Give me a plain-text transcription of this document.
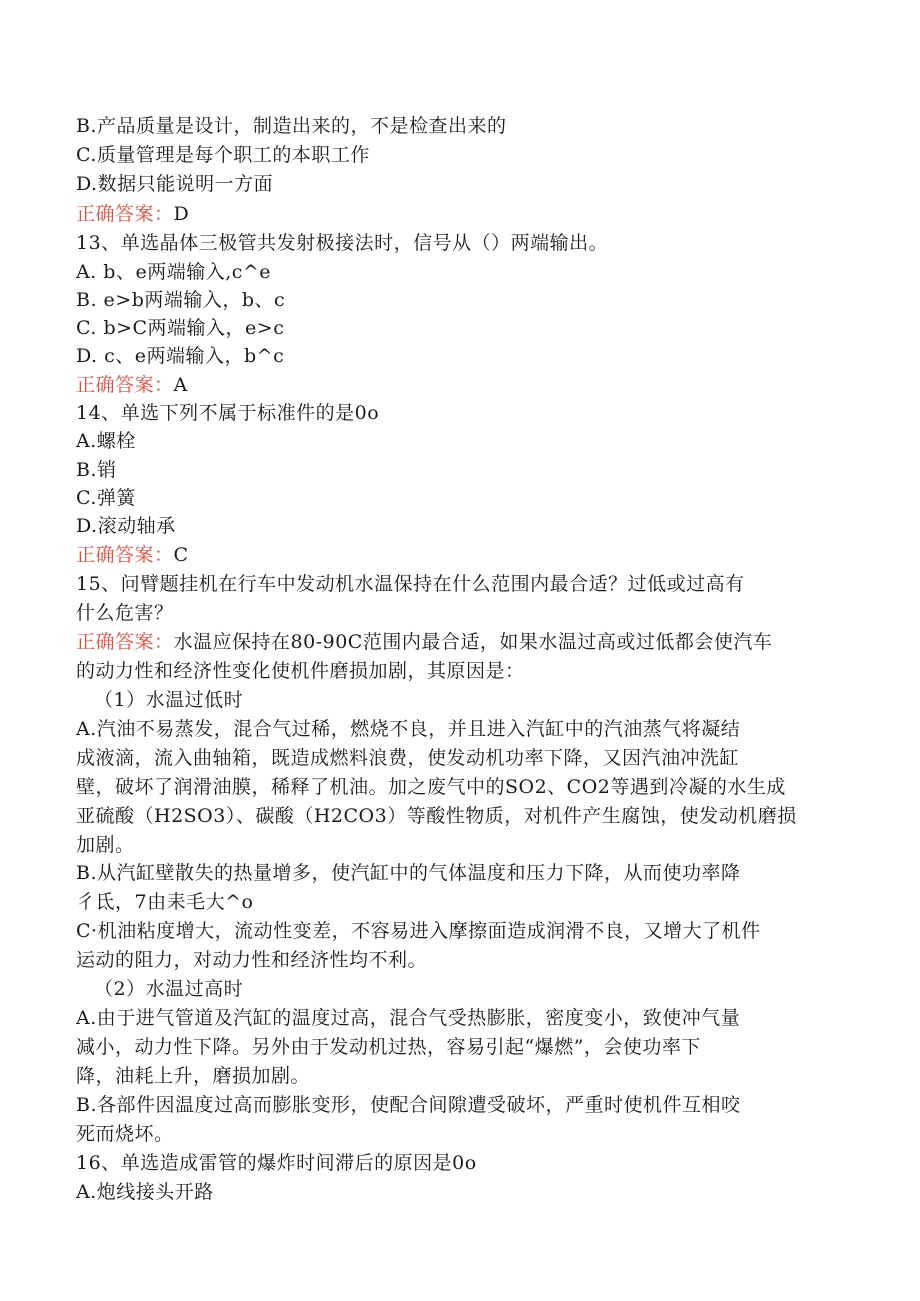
B.产品质量是设计，制造出来的，不是检查出来的
C.质量管理是每个职工的本职工作
D.数据只能说明一方面
正确答案：D
13、单选晶体三极管共发射极接法时，信号从（）两端输出。
A. b、e两端输入,c^e
B. e>b两端输入，b、c
C. b>C两端输入，e>c
D. c、e两端输入，b^c
正确答案：A
14、单选下列不属于标准件的是0o
A.螺栓
B.销
C.弹簧
D.滚动轴承
正确答案：C
15、问臂题挂机在行车中发动机水温保持在什么范围内最合适？过低或过高有
什么危害？
正确答案：水温应保持在80-90C范围内最合适，如果水温过高或过低都会使汽车
的动力性和经济性变化使机件磨损加剧，其原因是：
（1）水温过低时
A.汽油不易蒸发，混合气过稀，燃烧不良，并且进入汽缸中的汽油蒸气将凝结
成液滴，流入曲轴箱，既造成燃料浪费，使发动机功率下降，又因汽油冲洗缸
壁，破坏了润滑油膜，稀释了机油。加之废气中的SO2、CO2等遇到冷凝的水生成
亚硫酸（H2SO3）、碳酸（H2CO3）等酸性物质，对机件产生腐蚀，使发动机磨损
加剧。
B.从汽缸壁散失的热量增多，使汽缸中的气体温度和压力下降，从而使功率降
彳氐，7由耒毛大^o
C·机油粘度增大，流动性变差，不容易进入摩擦面造成润滑不良，又增大了机件
运动的阻力，对动力性和经济性均不利。
（2）水温过高时
A.由于进气管道及汽缸的温度过高，混合气受热膨胀，密度变小，致使冲气量
减小，动力性下降。另外由于发动机过热，容易引起“爆燃”，会使功率下
降，油耗上升，磨损加剧。
B.各部件因温度过高而膨胀变形，使配合间隙遭受破坏，严重时使机件互相咬
死而烧坏。
16、单选造成雷管的爆炸时间滞后的原因是0o
A.炮线接头开路
